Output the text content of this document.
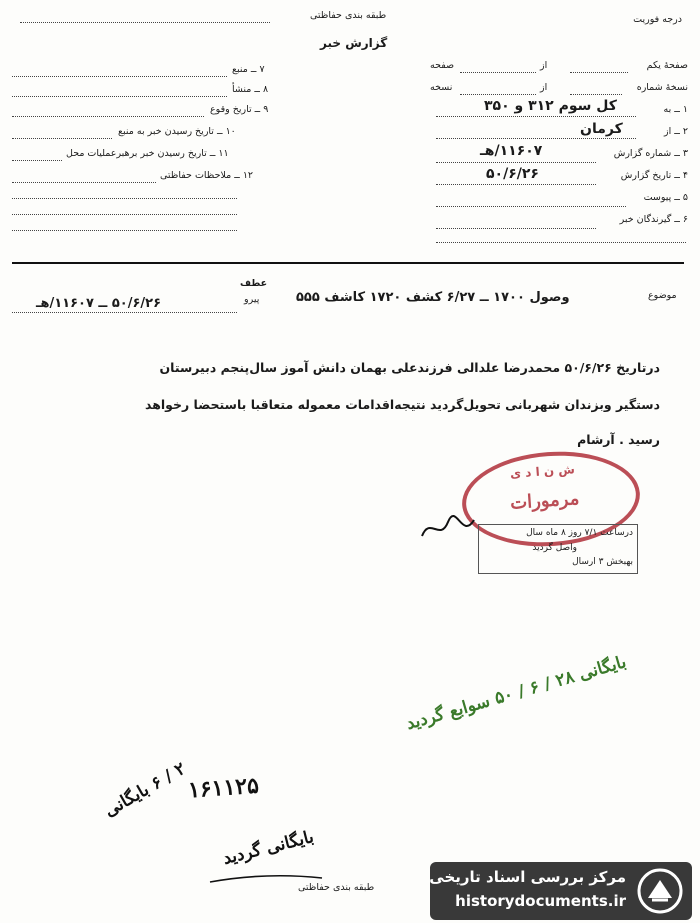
درجه فوریت
طبقه بندی حفاظتی
گزارش خبر
صفحهٔ یکم
از
صفحه
نسخهٔ شماره
از
نسخه
۱ ــ به
کل سوم ۳۱۲ و ۳۵۰
۲ ــ از
کرمان
۳ ــ شماره گزارش
۱۱۶۰۷/هـ
۴ ــ تاریخ گزارش
۵۰/۶/۲۶
۵ ــ پیوست
۶ ــ گیرندگان خبر
۷ ــ منبع
۸ ــ منشأ
۹ ــ تاریخ وقوع
۱۰ ــ تاریخ رسیدن خبر به منبع
۱۱ ــ تاریخ رسیدن خبر برهبرعملیات محل
۱۲ ــ ملاحظات حفاظتی
موضوع
وصول ۱۷۰۰ ــ ۶/۲۷ کشف ۱۷۲۰ کاشف ۵۵۵
عطف
پیرو
۵۰/۶/۲۶ ــ ۱۱۶۰۷/هـ
درتاریخ ۵۰/۶/۲۶ محمدرضا علدالی فرزندعلی بهمان دانش آموز سال‌پنجم دبیرستان
دستگیر وبزندان شهربانی تحویل‌گردید نتیجه‌اقدامات معموله متعاقبا باستحضا رخواهد
رسید . آرشام
ش ن ا د ی
مرمورات
درساعت ۷/۱ روز ۸ ماه سال
بهبخش ۳ ارسال
واصل گردید
بایگانی ۲۸ / ۶ / ۵۰ سوابع گردید
۱۶۱۱۲۵
۲ / ۶ بایگانی
بایگانی گردید
طبقه بندی حفاظتی
مرکز بررسی اسناد تاریخی
historydocuments.ir
